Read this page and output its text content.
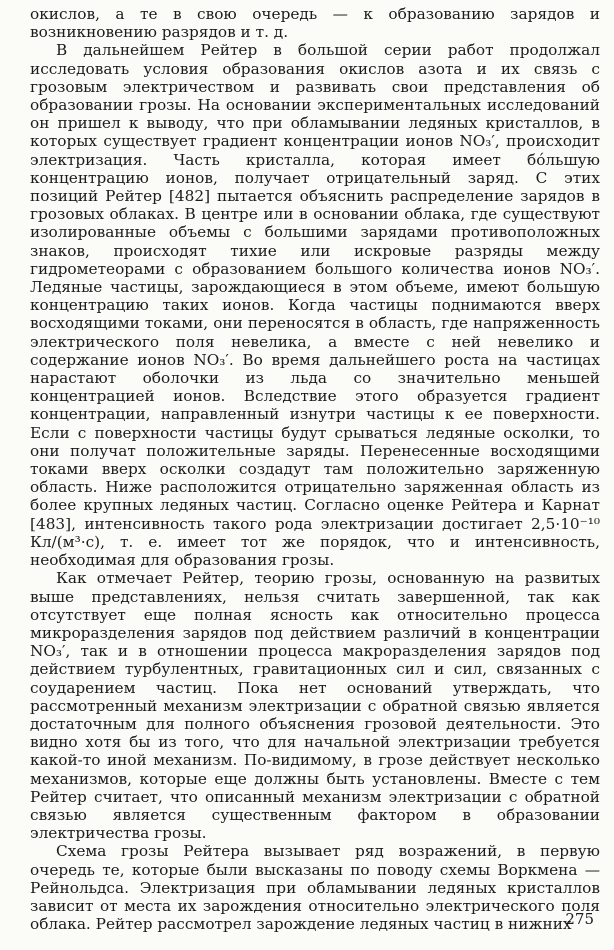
окислов, а те в свою очередь — к образованию зарядов и возникновению разрядов и т. д.

В дальнейшем Рейтер в большой серии работ продолжал исследовать условия образования окислов азота и их связь с грозовым электричеством и развивать свои представления об образовании грозы. На основании экспериментальных исследований он пришел к выводу, что при обламывании ледяных кристаллов, в которых существует градиент концентрации ионов NO₃′, происходит электризация. Часть кристалла, которая имеет бóльшую концентрацию ионов, получает отрицательный заряд. С этих позиций Рейтер [482] пытается объяснить распределение зарядов в грозовых облаках. В центре или в основании облака, где существуют изолированные объемы с большими зарядами противоположных знаков, происходят тихие или искровые разряды между гидрометеорами с образованием большого количества ионов NO₃′. Ледяные частицы, зарождающиеся в этом объеме, имеют большую концентрацию таких ионов. Когда частицы поднимаются вверх восходящими токами, они переносятся в область, где напряженность электрического поля невелика, а вместе с ней невелико и содержание ионов NO₃′. Во время дальнейшего роста на частицах нарастают оболочки из льда со значительно меньшей концентрацией ионов. Вследствие этого образуется градиент концентрации, направленный изнутри частицы к ее поверхности. Если с поверхности частицы будут срываться ледяные осколки, то они получат положительные заряды. Перенесенные восходящими токами вверх осколки создадут там положительно заряженную область. Ниже расположится отрицательно заряженная область из более крупных ледяных частиц. Согласно оценке Рейтера и Карнат [483], интенсивность такого рода электризации достигает 2,5·10⁻¹⁰ Кл/(м³·с), т. е. имеет тот же порядок, что и интенсивность, необходимая для образования грозы.

Как отмечает Рейтер, теорию грозы, основанную на развитых выше представлениях, нельзя считать завершенной, так как отсутствует еще полная ясность как относительно процесса микроразделения зарядов под действием различий в концентрации NO₃′, так и в отношении процесса макроразделения зарядов под действием турбулентных, гравитационных сил и сил, связанных с соударением частиц. Пока нет оснований утверждать, что рассмотренный механизм электризации с обратной связью является достаточным для полного объяснения грозовой деятельности. Это видно хотя бы из того, что для начальной электризации требуется какой-то иной механизм. По-видимому, в грозе действует несколько механизмов, которые еще должны быть установлены. Вместе с тем Рейтер считает, что описанный механизм электризации с обратной связью является существенным фактором в образовании электричества грозы.

Схема грозы Рейтера вызывает ряд возражений, в первую очередь те, которые были высказаны по поводу схемы Воркмена — Рейнольдса. Электризация при обламывании ледяных кристаллов зависит от места их зарождения относительно электрического поля облака. Рейтер рассмотрел зарождение ледяных частиц в нижних

275
